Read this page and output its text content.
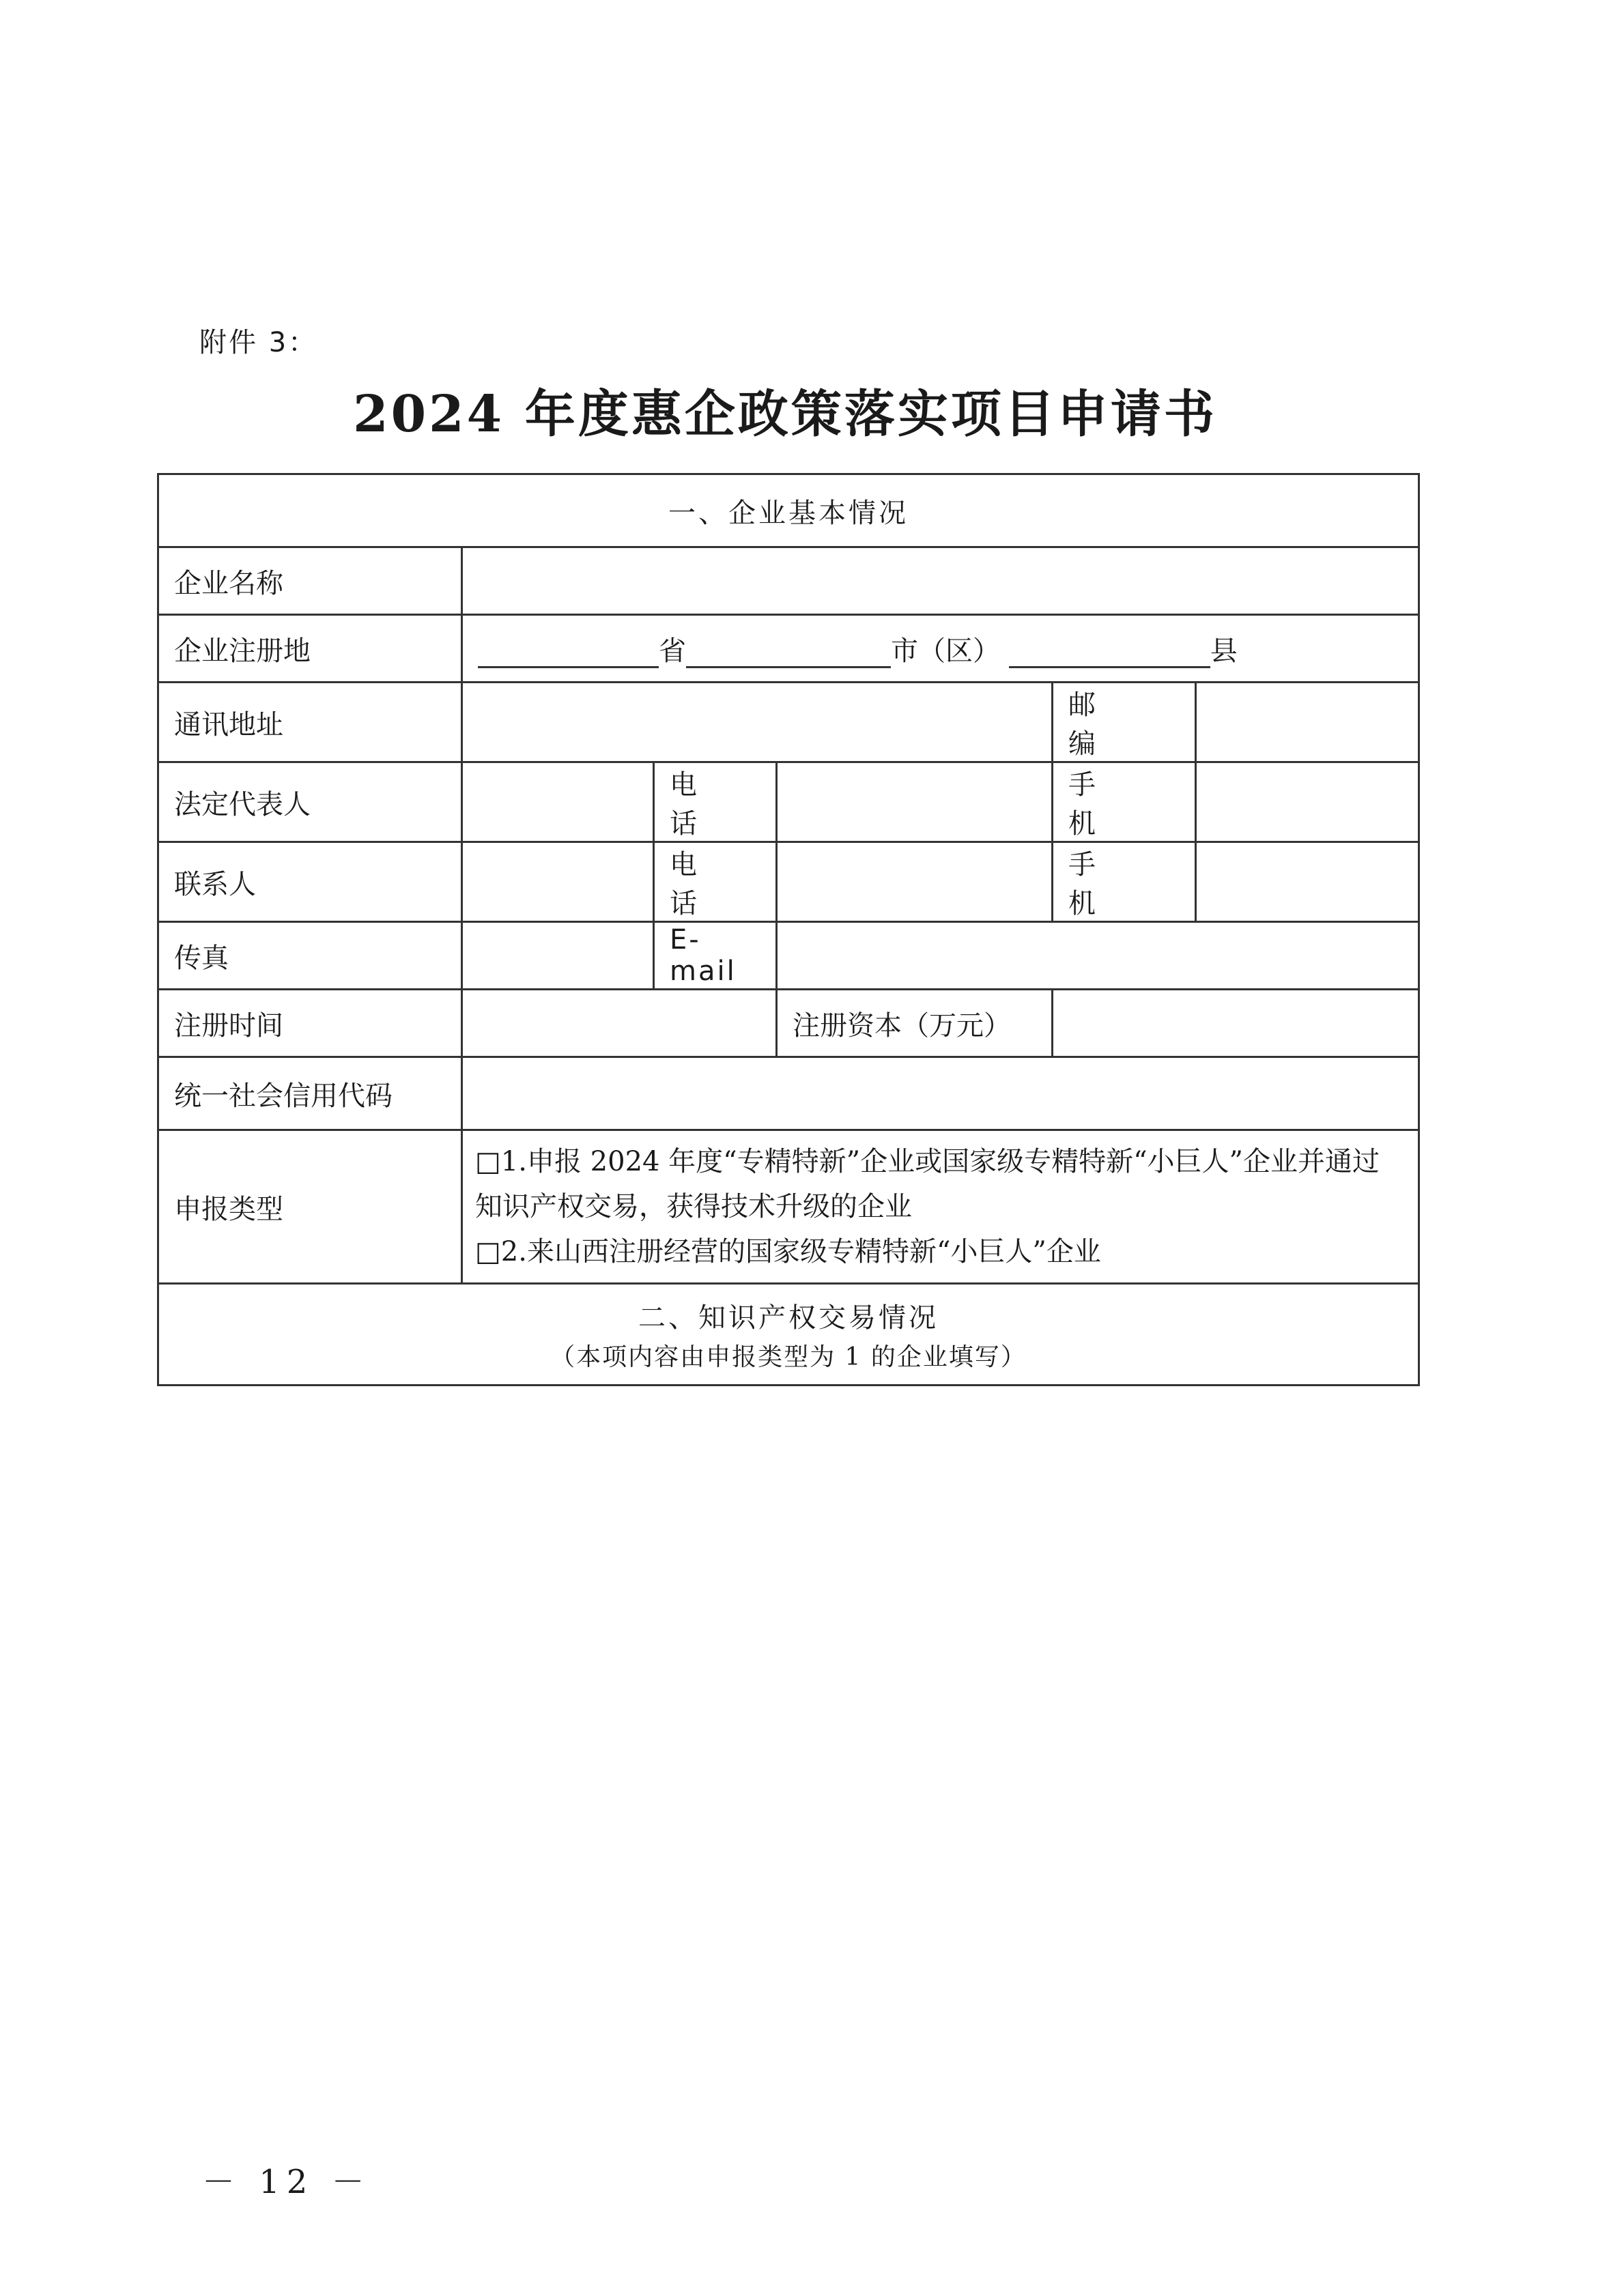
附件 3：
2024 年度惠企政策落实项目申请书
一、企业基本情况					
企业名称					
企业注册地	省 市（区） 县				
通讯地址				邮 编	
法定代表人		电 话		手 机	
联系人		电 话		手 机	
传真		E-mail			
注册时间			注册资本（万元）		
统一社会信用代码					
申报类型	□1.申报 2024 年度“专精特新”企业或国家级专精特新“小巨人”企业并通过知识产权交易，获得技术升级的企业
□2.来山西注册经营的国家级专精特新“小巨人”企业				

二、知识产权交易情况
（本项内容由申报类型为 1 的企业填写）					
－ 12 －
